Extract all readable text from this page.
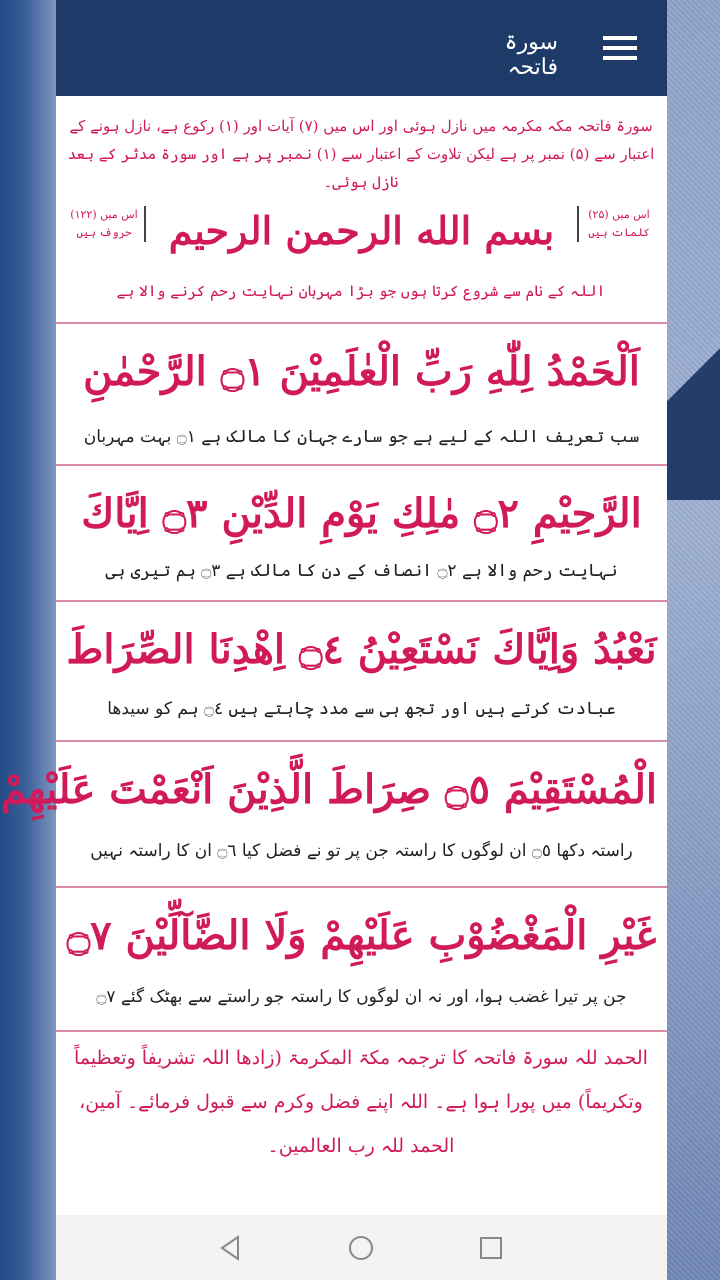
سورۃ فاتحہ
سورۃ فاتحہ مکہ مکرمہ میں نازل ہوئی اور اس میں (۷) آیات اور (۱) رکوع ہے، نازل ہونے کے اعتبار سے (۵) نمبر پر ہے لیکن تلاوت کے اعتبار سے (۱) نمبر پر ہے اور سورۃ مدثر کے بعد نازل ہوئی۔
اس میں (۲۵) کلمات ہیں
بسم الله الرحمن الرحيم
اس میں (۱۲۲) حروف ہیں
اللہ کے نام سے شروع کرتا ہوں جو بڑا مہربان نہایت رحم کرنے والا ہے
اَلْحَمْدُ لِلّٰهِ رَبِّ الْعٰلَمِيْنَ ۝١ الرَّحْمٰنِ
سب تعریف اللہ کے لیے ہے جو سارے جہان کا مالک ہے ۝١ بہت مہربان
الرَّحِيْمِ ۝٢ مٰلِكِ يَوْمِ الدِّيْنِ ۝٣ اِيَّاكَ
نہایت رحم والا ہے ۝٢ انصاف کے دن کا مالک ہے ۝٣ ہم تیری ہی
نَعْبُدُ وَاِيَّاكَ نَسْتَعِيْنُ ۝٤ اِهْدِنَا الصِّرَاطَ
عبادت کرتے ہیں اور تجھ ہی سے مدد چاہتے ہیں ۝٤ ہم کو سیدھا
الْمُسْتَقِيْمَ ۝٥ صِرَاطَ الَّذِيْنَ اَنْعَمْتَ عَلَيْهِمْ
راستہ دکھا ۝٥ ان لوگوں کا راستہ جن پر تو نے فضل کیا ۝٦ ان کا راستہ نہیں
غَيْرِ الْمَغْضُوْبِ عَلَيْهِمْ وَلَا الضَّآلِّيْنَ ۝٧
جن پر تیرا غضب ہوا، اور نہ ان لوگوں کا راستہ جو راستے سے بھٹک گئے ۝٧
الحمد للہ سورۃ فاتحہ کا ترجمہ مکۃ المکرمۃ (زادھا اللہ تشریفاً وتعظیماً وتکریماً) میں پورا ہوا ہے۔ اللہ اپنے فضل وکرم سے قبول فرمائے۔ آمین، الحمد للہ رب العالمین۔
